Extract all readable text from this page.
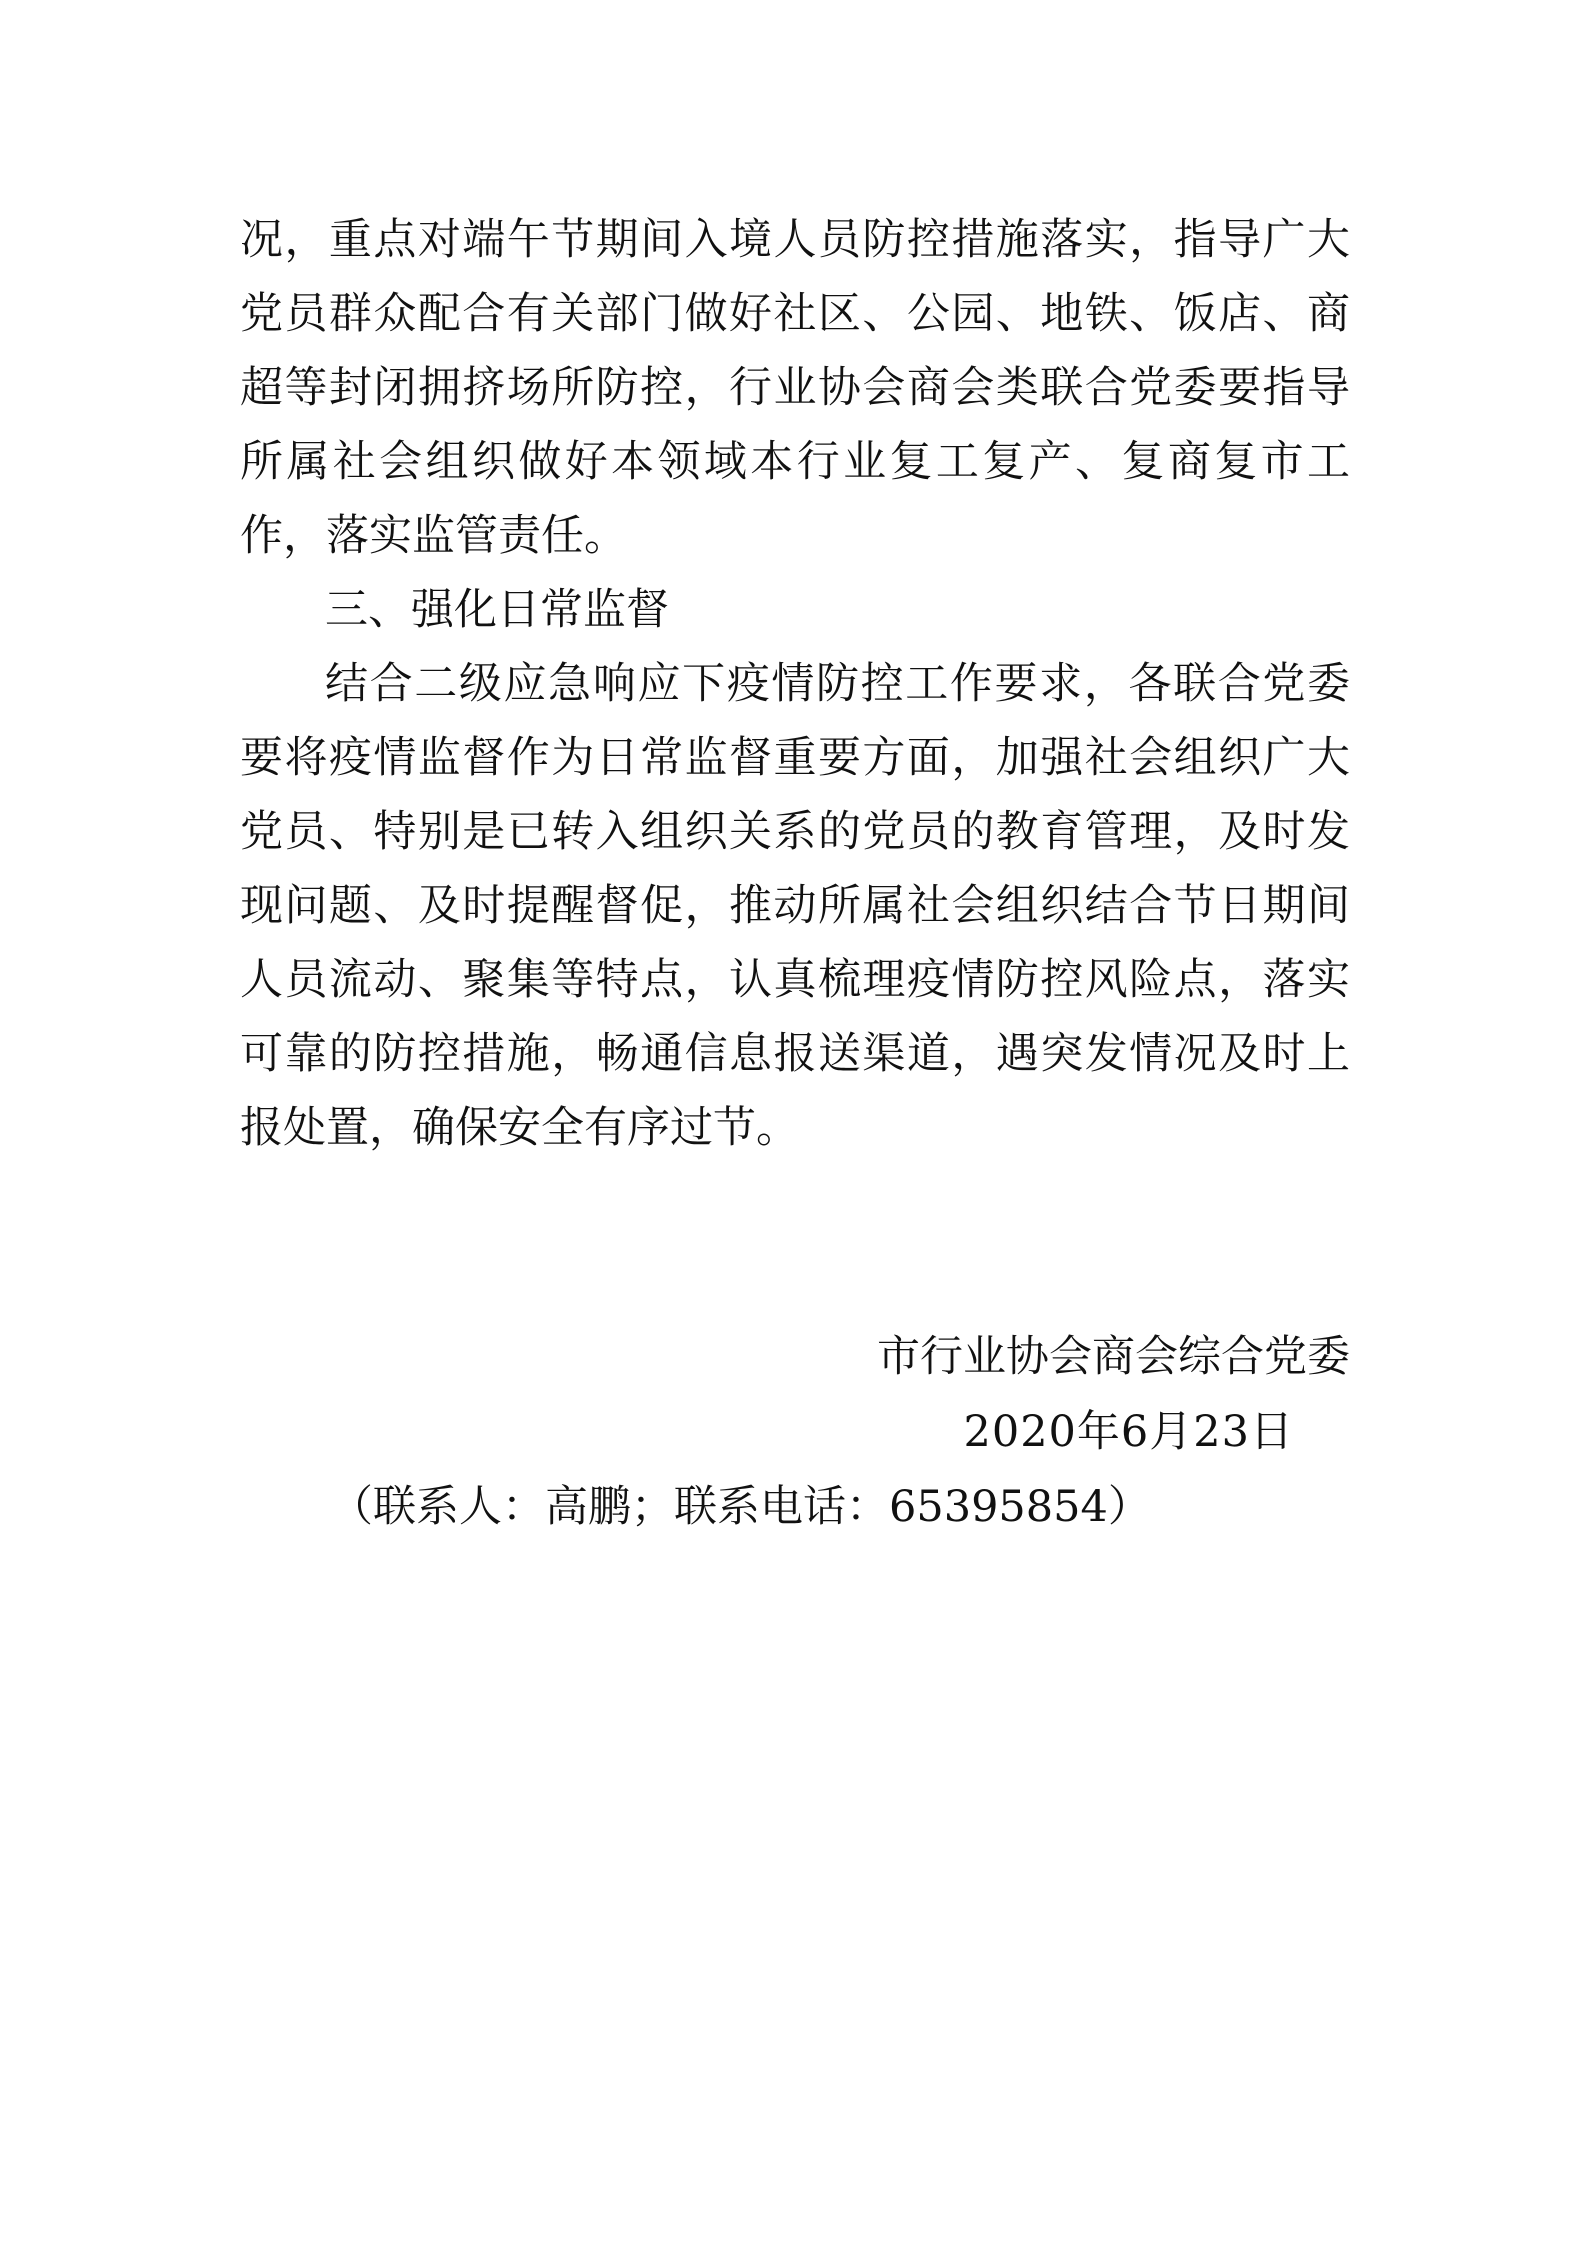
况，重点对端午节期间入境人员防控措施落实，指导广大
党员群众配合有关部门做好社区、公园、地铁、饭店、商
超等封闭拥挤场所防控，行业协会商会类联合党委要指导
所属社会组织做好本领域本行业复工复产、复商复市工
作，落实监管责任。
三、强化日常监督
结合二级应急响应下疫情防控工作要求，各联合党委
要将疫情监督作为日常监督重要方面，加强社会组织广大
党员、特别是已转入组织关系的党员的教育管理，及时发
现问题、及时提醒督促，推动所属社会组织结合节日期间
人员流动、聚集等特点，认真梳理疫情防控风险点，落实
可靠的防控措施，畅通信息报送渠道，遇突发情况及时上
报处置，确保安全有序过节。
市行业协会商会综合党委
2020年6月23日
（联系人：高鹏；联系电话：65395854）
